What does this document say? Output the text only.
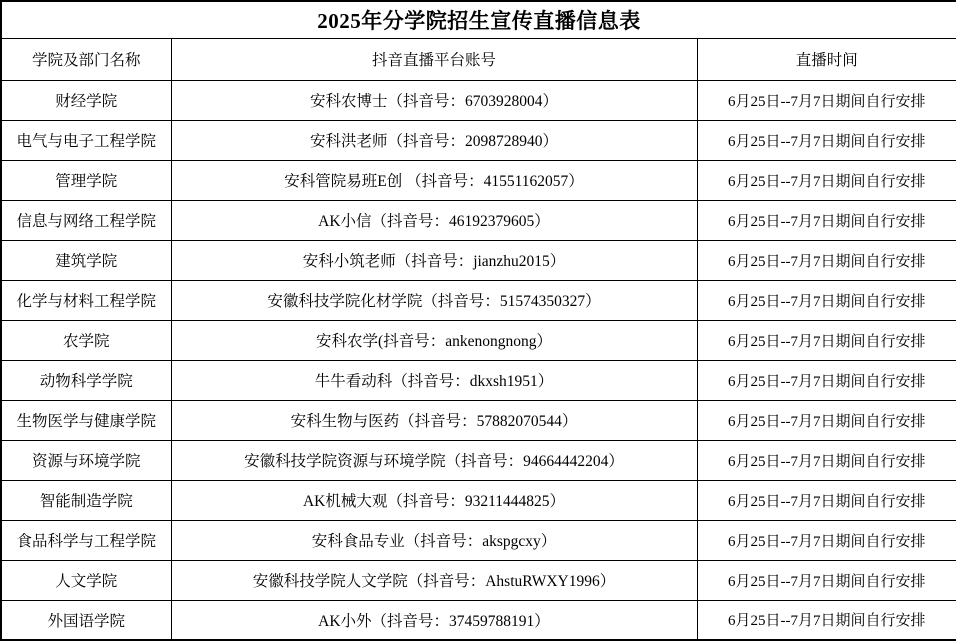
2025年分学院招生宣传直播信息表		
学院及部门名称	抖音直播平台账号	直播时间
财经学院	安科农博士（抖音号：6703928004）	6月25日--7月7日期间自行安排
电气与电子工程学院	安科洪老师（抖音号：2098728940）	6月25日--7月7日期间自行安排
管理学院	安科管院易班E创 （抖音号：41551162057）	6月25日--7月7日期间自行安排
信息与网络工程学院	AK小信（抖音号：46192379605）	6月25日--7月7日期间自行安排
建筑学院	安科小筑老师（抖音号：jianzhu2015）	6月25日--7月7日期间自行安排
化学与材料工程学院	安徽科技学院化材学院（抖音号：51574350327）	6月25日--7月7日期间自行安排
农学院	安科农学(抖音号：ankenongnong）	6月25日--7月7日期间自行安排
动物科学学院	牛牛看动科（抖音号：dkxsh1951）	6月25日--7月7日期间自行安排
生物医学与健康学院	安科生物与医药（抖音号：57882070544）	6月25日--7月7日期间自行安排
资源与环境学院	安徽科技学院资源与环境学院（抖音号：94664442204）	6月25日--7月7日期间自行安排
智能制造学院	AK机械大观（抖音号：93211444825）	6月25日--7月7日期间自行安排
食品科学与工程学院	安科食品专业（抖音号：akspgcxy）	6月25日--7月7日期间自行安排
人文学院	安徽科技学院人文学院（抖音号：AhstuRWXY1996）	6月25日--7月7日期间自行安排
外国语学院	AK小外（抖音号：37459788191）	6月25日--7月7日期间自行安排
